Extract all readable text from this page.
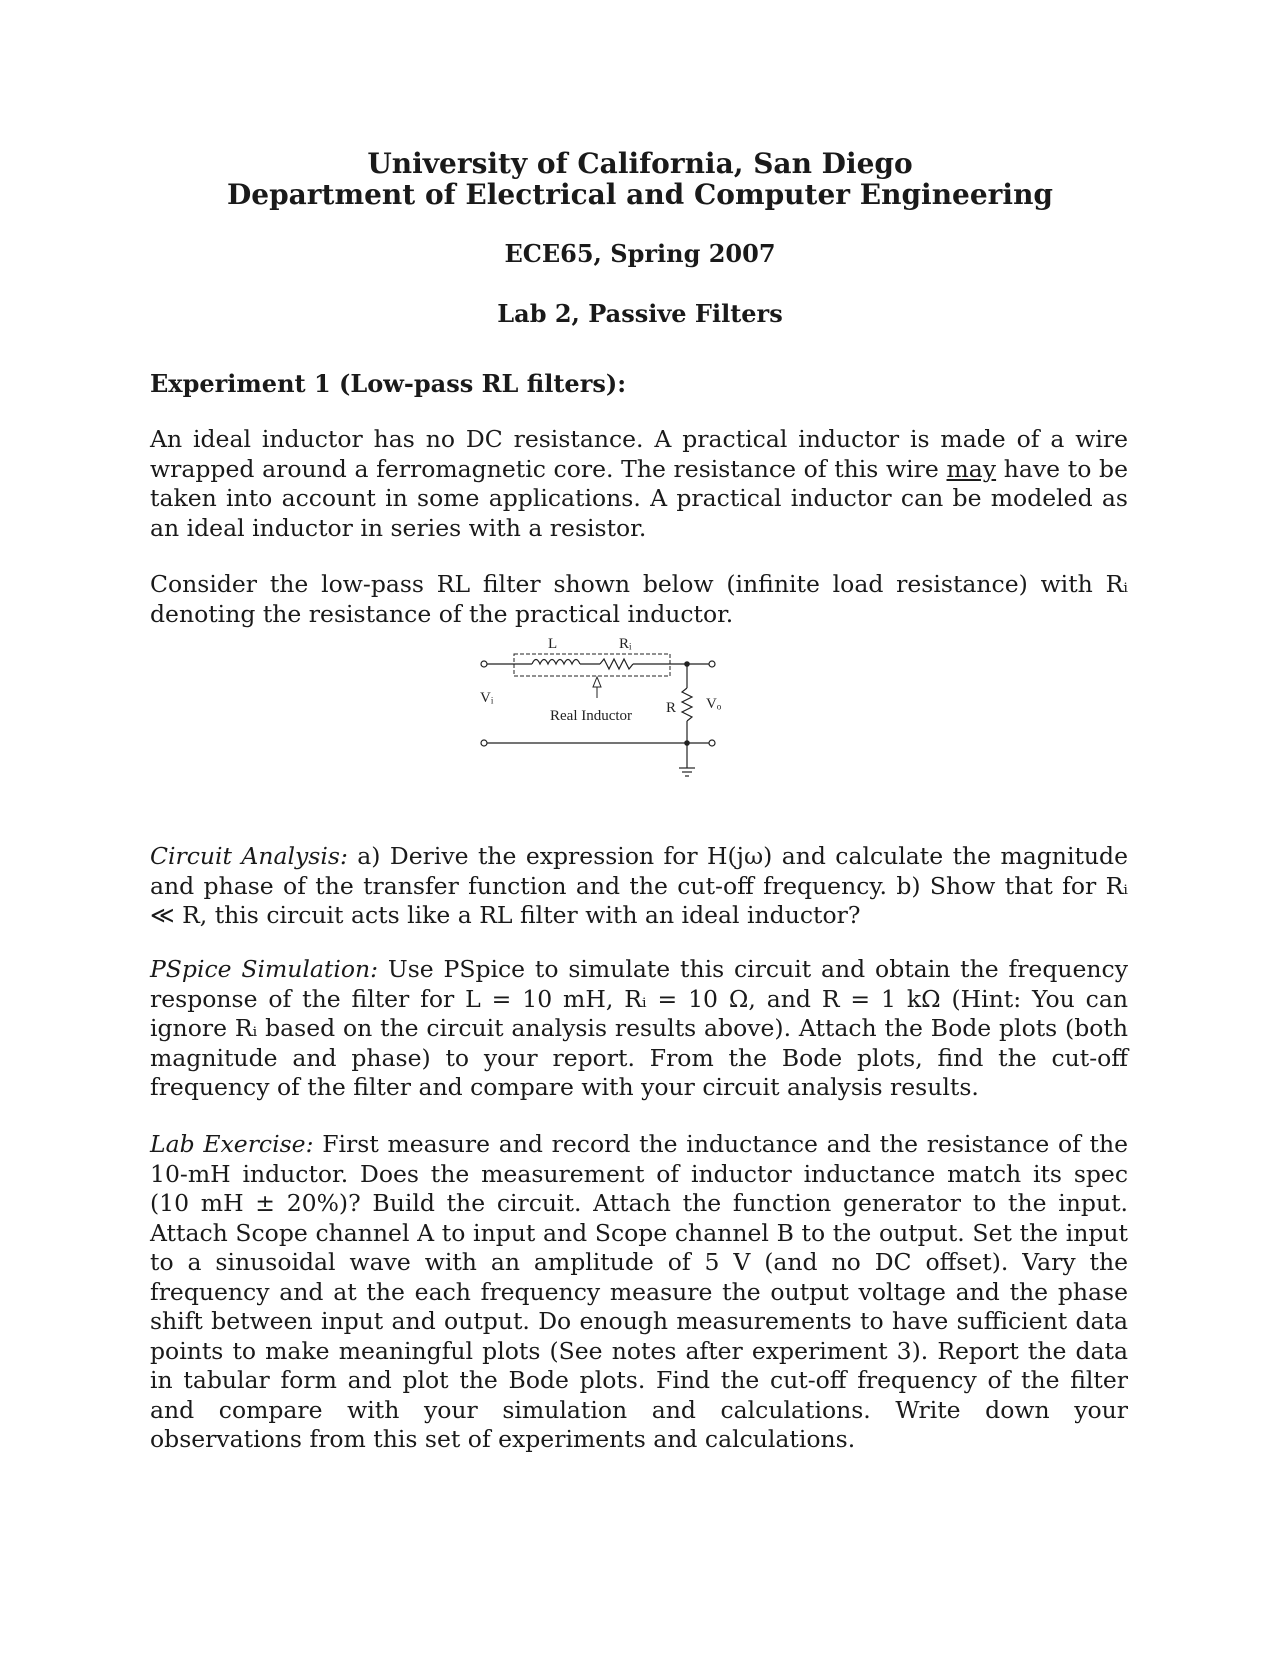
University of California, San Diego
Department of Electrical and Computer Engineering
ECE65, Spring 2007
Lab 2, Passive Filters
Experiment 1 (Low-pass RL filters):

An ideal inductor has no DC resistance. A practical inductor is made of a wire wrapped around a ferromagnetic core. The resistance of this wire may have to be taken into account in some applications. A practical inductor can be modeled as an ideal inductor in series with a resistor.

Consider the low-pass RL filter shown below (infinite load resistance) with Rᵢ denoting the resistance of the practical inductor.

L	Rᵢ
Vᵢ	Vₒ
R
Real Inductor

Circuit Analysis: a) Derive the expression for H(jω) and calculate the magnitude and phase of the transfer function and the cut-off frequency. b) Show that for Rᵢ ≪ R, this circuit acts like a RL filter with an ideal inductor?

PSpice Simulation: Use PSpice to simulate this circuit and obtain the frequency response of the filter for L = 10 mH, Rᵢ = 10 Ω, and R = 1 kΩ (Hint: You can ignore Rᵢ based on the circuit analysis results above). Attach the Bode plots (both magnitude and phase) to your report. From the Bode plots, find the cut-off frequency of the filter and compare with your circuit analysis results.

Lab Exercise: First measure and record the inductance and the resistance of the 10-mH inductor. Does the measurement of inductor inductance match its spec (10 mH ± 20%)? Build the circuit. Attach the function generator to the input. Attach Scope channel A to input and Scope channel B to the output. Set the input to a sinusoidal wave with an amplitude of 5 V (and no DC offset). Vary the frequency and at the each frequency measure the output voltage and the phase shift between input and output. Do enough measurements to have sufficient data points to make meaningful plots (See notes after experiment 3). Report the data in tabular form and plot the Bode plots. Find the cut-off frequency of the filter and compare with your simulation and calculations. Write down your observations from this set of experiments and calculations.
